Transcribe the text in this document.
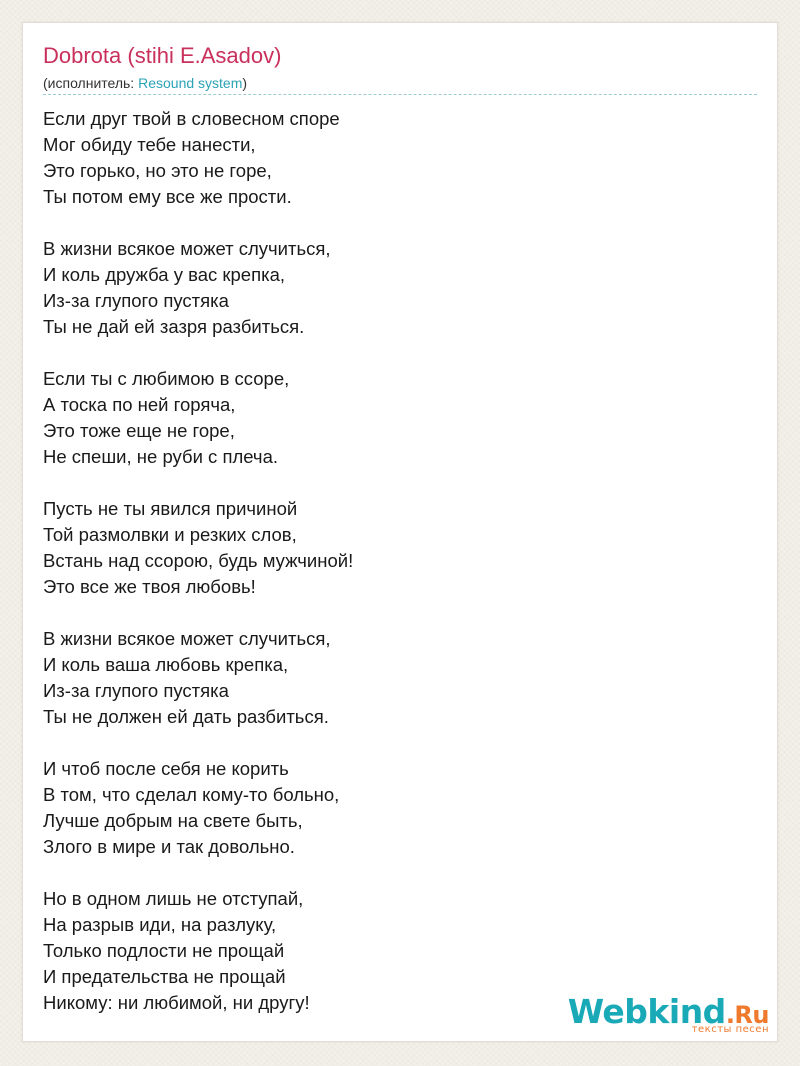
Dobrota (stihi E.Asadov)
(исполнитель: Resound system)
Если друг твой в словесном споре
Мог обиду тебе нанести,
Это горько, но это не горе,
Ты потом ему все же прости.
В жизни всякое может случиться,
И коль дружба у вас крепка,
Из-за глупого пустяка
Ты не дай ей зазря разбиться.
Если ты с любимою в ссоре,
А тоска по ней горяча,
Это тоже еще не горе,
Не спеши, не руби с плеча.
Пусть не ты явился причиной
Той размолвки и резких слов,
Встань над ссорою, будь мужчиной!
Это все же твоя любовь!
В жизни всякое может случиться,
И коль ваша любовь крепка,
Из-за глупого пустяка
Ты не должен ей дать разбиться.
И чтоб после себя не корить
В том, что сделал кому-то больно,
Лучше добрым на свете быть,
Злого в мире и так довольно.
Но в одном лишь не отступай,
На разрыв иди, на разлуку,
Только подлости не прощай
И предательства не прощай
Никому: ни любимой, ни другу!	Webkind.Ru
тексты песен
